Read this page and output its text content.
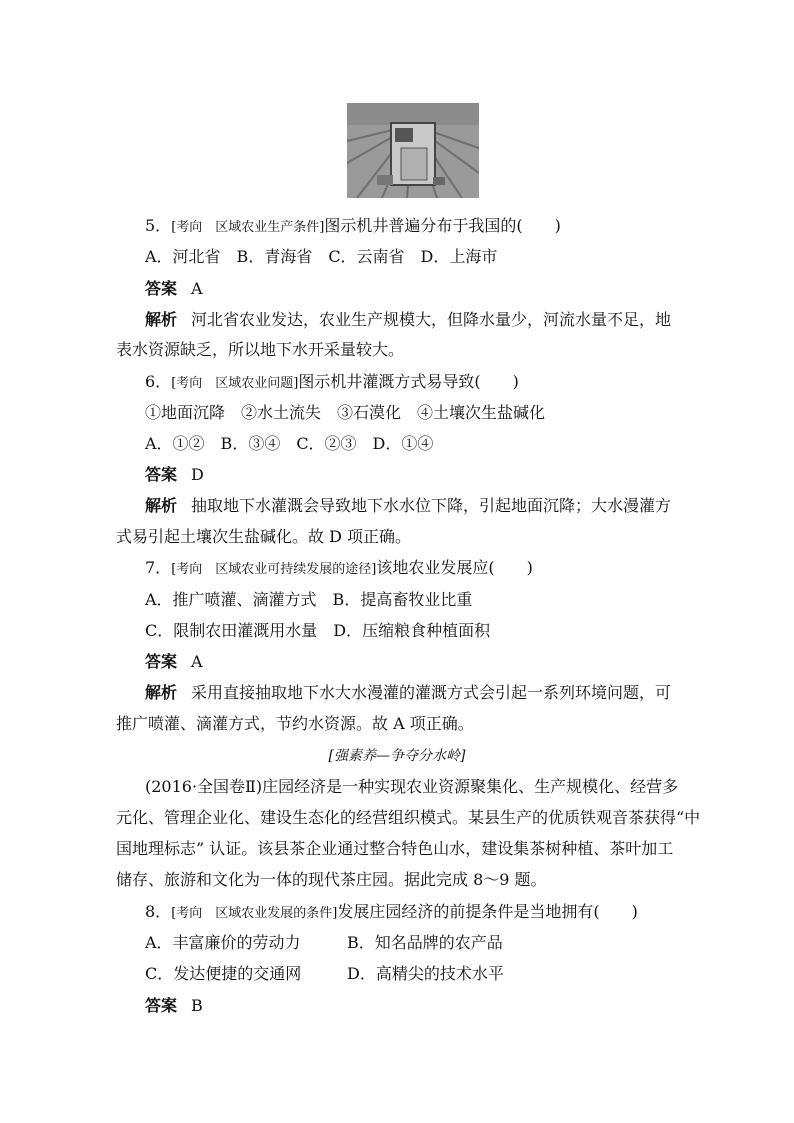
5．[考向　区域农业生产条件]图示机井普遍分布于我国的(　　)
A．河北省　B．青海省　C．云南省　D．上海市
答案 A
解析 河北省农业发达，农业生产规模大，但降水量少，河流水量不足，地
表水资源缺乏，所以地下水开采量较大。
6．[考向　区域农业问题]图示机井灌溉方式易导致(　　)
①地面沉降　②水土流失　③石漠化　④土壤次生盐碱化
A．①②　B．③④　C．②③　D．①④
答案 D
解析 抽取地下水灌溉会导致地下水水位下降，引起地面沉降；大水漫灌方
式易引起土壤次生盐碱化。故 D 项正确。
7．[考向　区域农业可持续发展的途径]该地农业发展应(　　)
A．推广喷灌、滴灌方式　B．提高畜牧业比重
C．限制农田灌溉用水量　D．压缩粮食种植面积
答案 A
解析 采用直接抽取地下水大水漫灌的灌溉方式会引起一系列环境问题，可
推广喷灌、滴灌方式，节约水资源。故 A 项正确。
[强素养—争夺分水岭]
(2016·全国卷Ⅱ)庄园经济是一种实现农业资源聚集化、生产规模化、经营多
元化、管理企业化、建设生态化的经营组织模式。某县生产的优质铁观音茶获得“中
国地理标志” 认证。该县茶企业通过整合特色山水，建设集茶树种植、茶叶加工
储存、旅游和文化为一体的现代茶庄园。据此完成 8～9 题。
8．[考向　区域农业发展的条件]发展庄园经济的前提条件是当地拥有(　　)
A．丰富廉价的劳动力	B．知名品牌的农产品
C．发达便捷的交通网	D．高精尖的技术水平
答案 B
